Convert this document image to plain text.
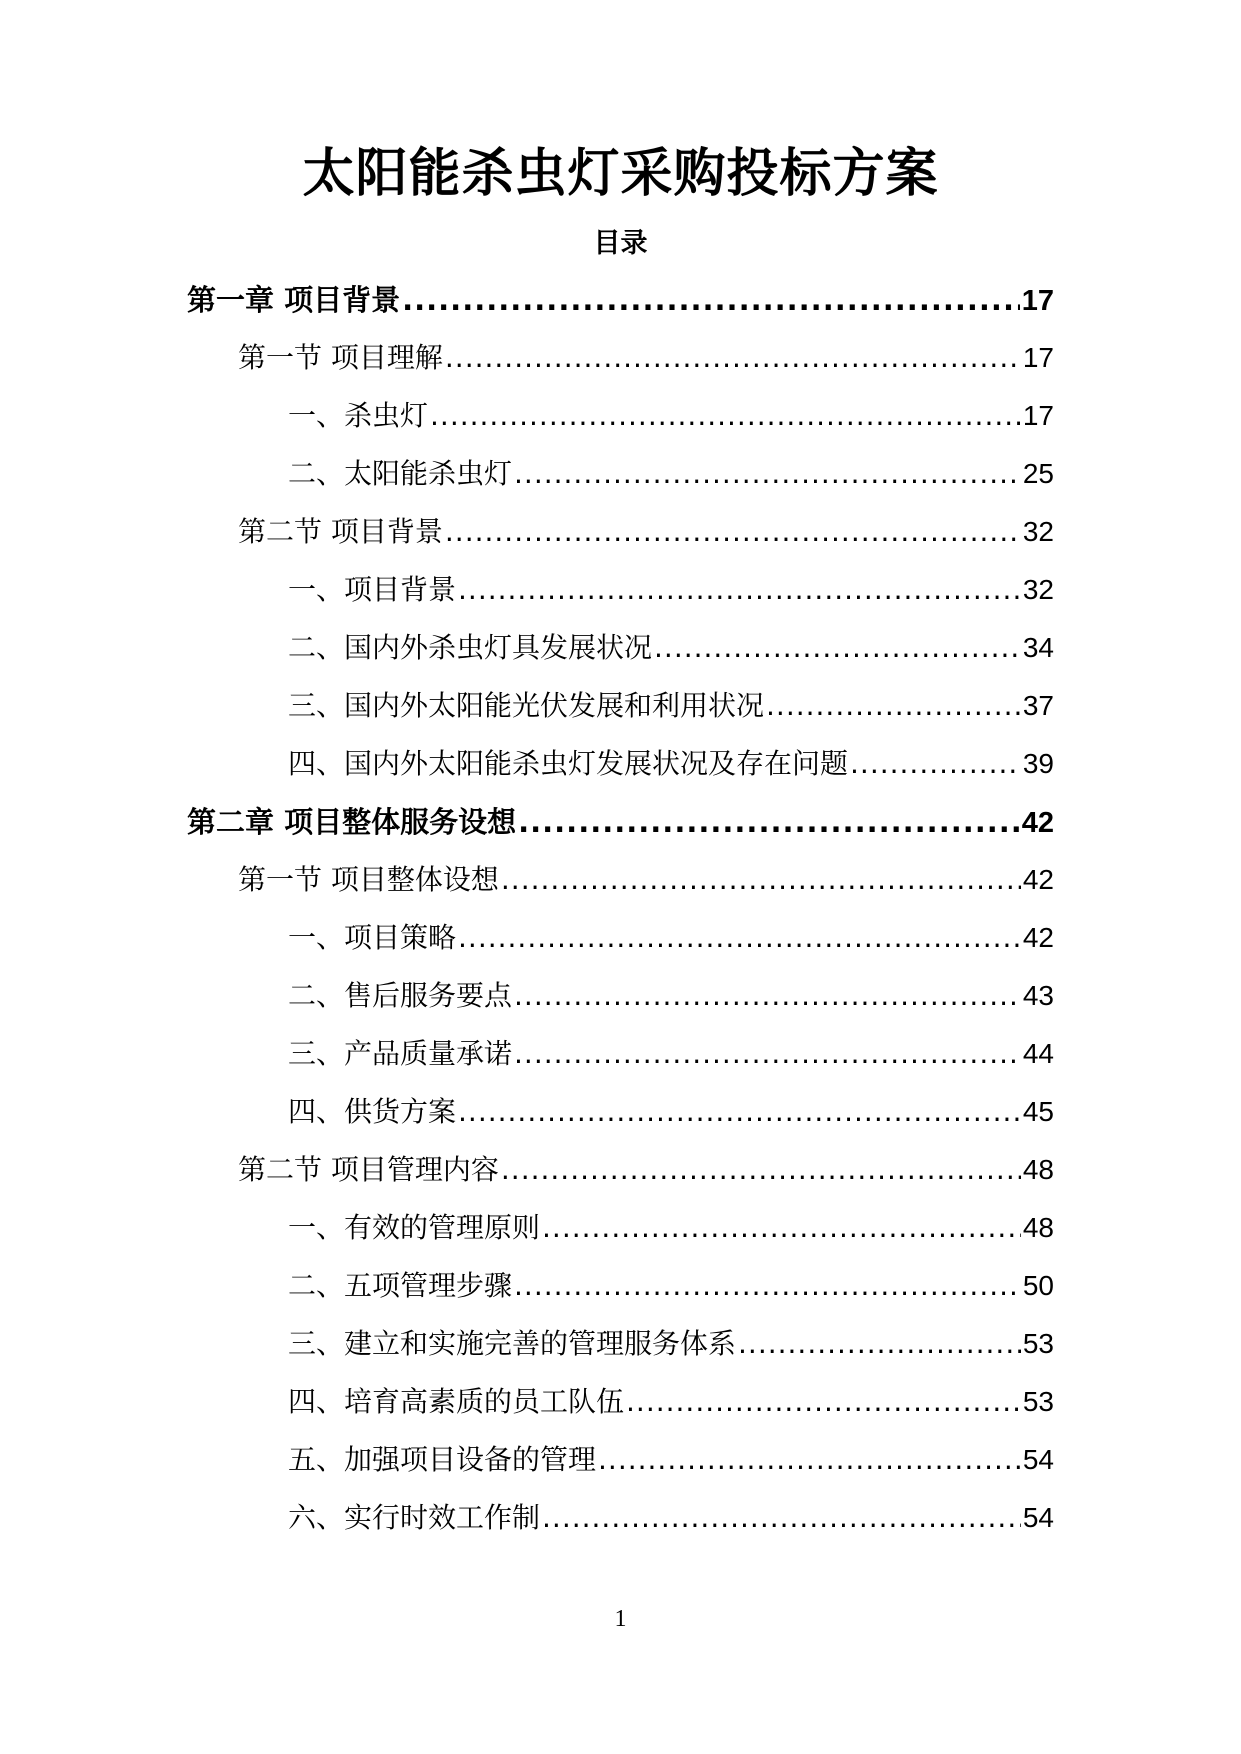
太阳能杀虫灯采购投标方案
目录
第一章 项目背景 .....	17
第一节 项目理解 .....	17
一、杀虫灯 .....	17
二、太阳能杀虫灯 .....	25
第二节 项目背景 .....	32
一、项目背景 .....	32
二、国内外杀虫灯具发展状况 .....	34
三、国内外太阳能光伏发展和利用状况 .....	37
四、国内外太阳能杀虫灯发展状况及存在问题 .....	39
第二章 项目整体服务设想 .....	42
第一节 项目整体设想 .....	42
一、项目策略 .....	42
二、售后服务要点 .....	43
三、产品质量承诺 .....	44
四、供货方案 .....	45
第二节 项目管理内容 .....	48
一、有效的管理原则 .....	48
二、五项管理步骤 .....	50
三、建立和实施完善的管理服务体系 .....	53
四、培育高素质的员工队伍 .....	53
五、加强项目设备的管理 .....	54
六、实行时效工作制 .....	54
1
